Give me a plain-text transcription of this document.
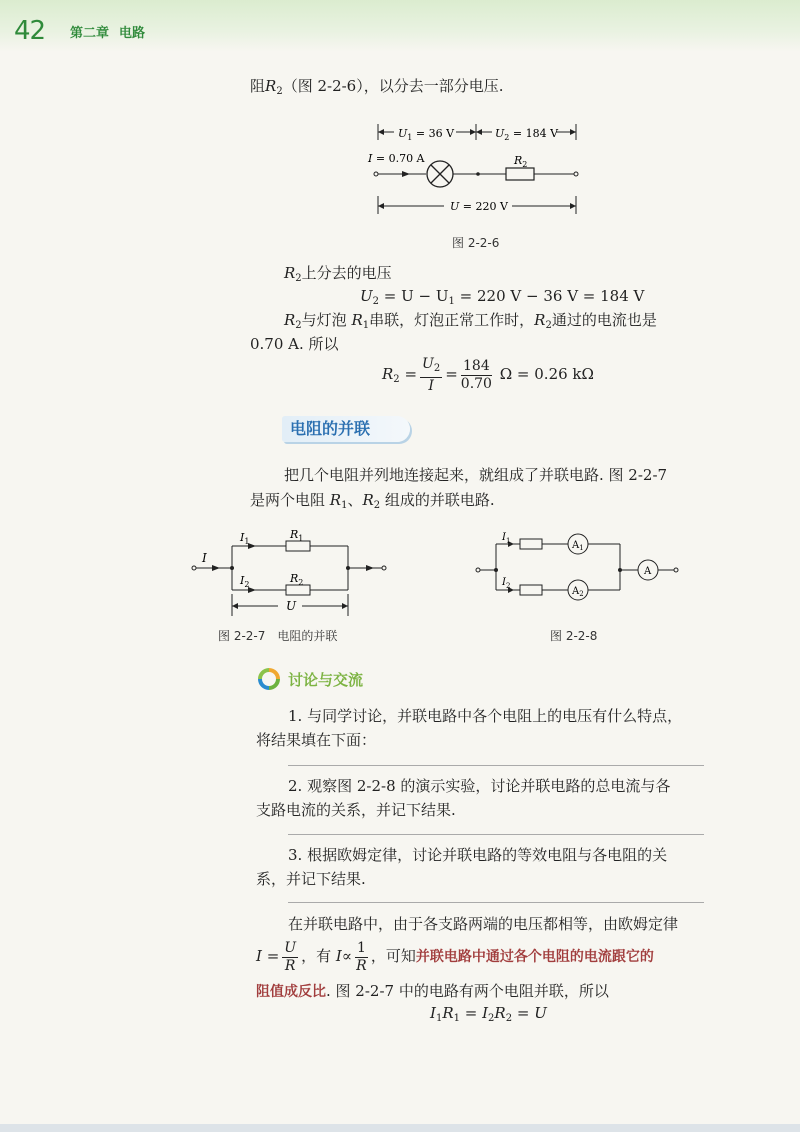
42 第二章 电路
阻$R_2$（图 2-2-6），以分去一部分电压.
$U_1 = 36$ V	$U_2 = 184$ V
I = 0.70 A	$R_2$
U = 220 V
图 2-2-6
$R_2$上分去的电压
$U_2 = U - U_1 = 220$ V − 36 V = 184 V
$R_2$与灯泡 $R_1$串联，灯泡正常工作时，$R_2$通过的电流也是
0.70 A. 所以
$R_2 = \frac{U_2}{I} = \frac{184}{0.70}$ Ω = 0.26 kΩ
电阻的并联
把几个电阻并列地连接起来，就组成了并联电路. 图 2-2-7
是两个电阻 $R_1$、$R_2$ 组成的并联电路.
I
$I_1$
$R_1$
$I_2$	$R_2$
U
图 2-2-7　电阻的并联
$I_1$	$A_1$
$I_2$	$A_2$
A
图 2-2-8
讨论与交流
1. 与同学讨论，并联电路中各个电阻上的电压有什么特点，
将结果填在下面：
2. 观察图 2-2-8 的演示实验，讨论并联电路的总电流与各
支路电流的关系，并记下结果.
3. 根据欧姆定律，讨论并联电路的等效电阻与各电阻的关
系，并记下结果.
在并联电路中，由于各支路两端的电压都相等，由欧姆定律
$I = \frac{U}{R}$ ，有 $I\propto \frac{1}{R}$ ，可知并联电路中通过各个电阻的电流跟它的
阻值成反比. 图 2-2-7 中的电路有两个电阻并联，所以
$I_1R_1 = I_2R_2 = U$
